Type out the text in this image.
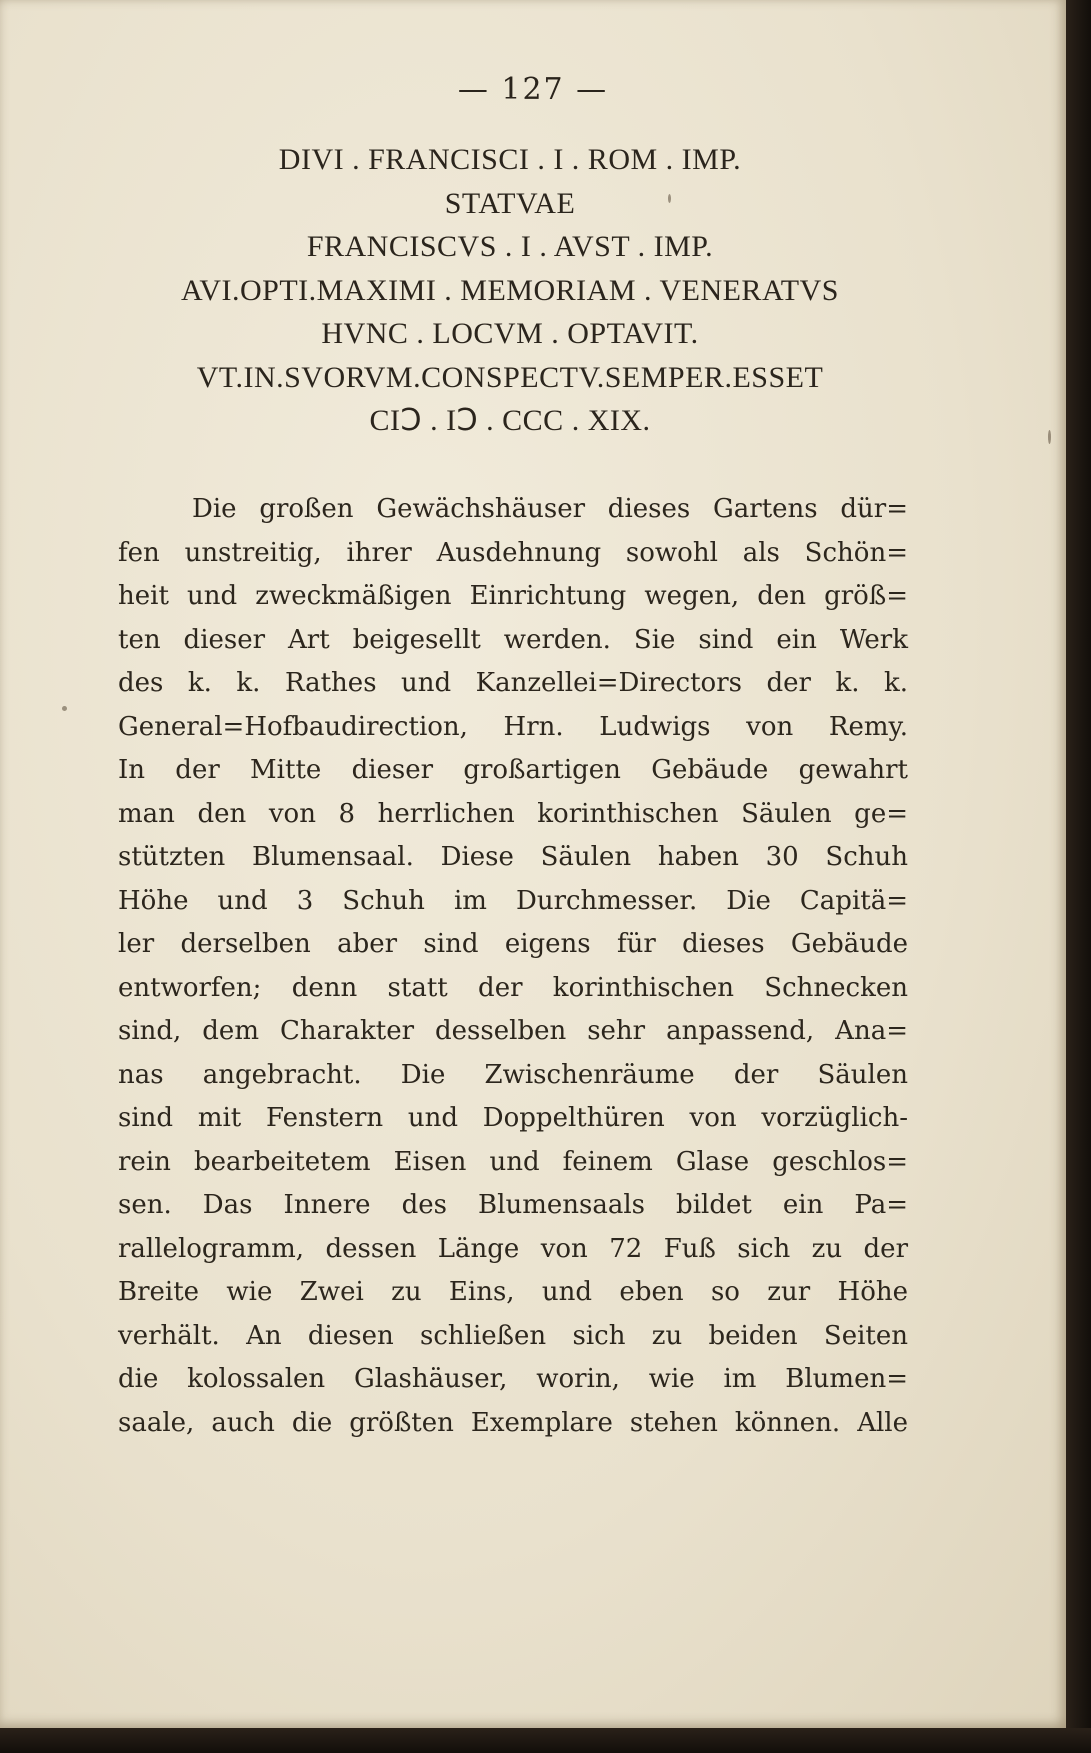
— 127 —
DIVI . FRANCISCI . I . ROM . IMP.
STATVAE
FRANCISCVS . I . AVST . IMP.
AVI.OPTI.MAXIMI . MEMORIAM . VENERATVS
HVNC . LOCVM . OPTAVIT.
VT.IN.SVORVM.CONSPECTV.SEMPER.ESSET
CIↃ . IↃ . CCC . XIX.
Die großen Gewächshäuser dieses Gartens dür=
fen unstreitig, ihrer Ausdehnung sowohl als Schön=
heit und zweckmäßigen Einrichtung wegen, den größ=
ten dieser Art beigesellt werden. Sie sind ein Werk
des k. k. Rathes und Kanzellei=Directors der k. k.
General=Hofbaudirection, Hrn. Ludwigs von Remy.
In der Mitte dieser großartigen Gebäude gewahrt
man den von 8 herrlichen korinthischen Säulen ge=
stützten Blumensaal. Diese Säulen haben 30 Schuh
Höhe und 3 Schuh im Durchmesser. Die Capitä=
ler derselben aber sind eigens für dieses Gebäude
entworfen; denn statt der korinthischen Schnecken
sind, dem Charakter desselben sehr anpassend, Ana=
nas angebracht. Die Zwischenräume der Säulen
sind mit Fenstern und Doppelthüren von vorzüglich-
rein bearbeitetem Eisen und feinem Glase geschlos=
sen. Das Innere des Blumensaals bildet ein Pa=
rallelogramm, dessen Länge von 72 Fuß sich zu der
Breite wie Zwei zu Eins, und eben so zur Höhe
verhält. An diesen schließen sich zu beiden Seiten
die kolossalen Glashäuser, worin, wie im Blumen=
saale, auch die größten Exemplare stehen können. Alle
